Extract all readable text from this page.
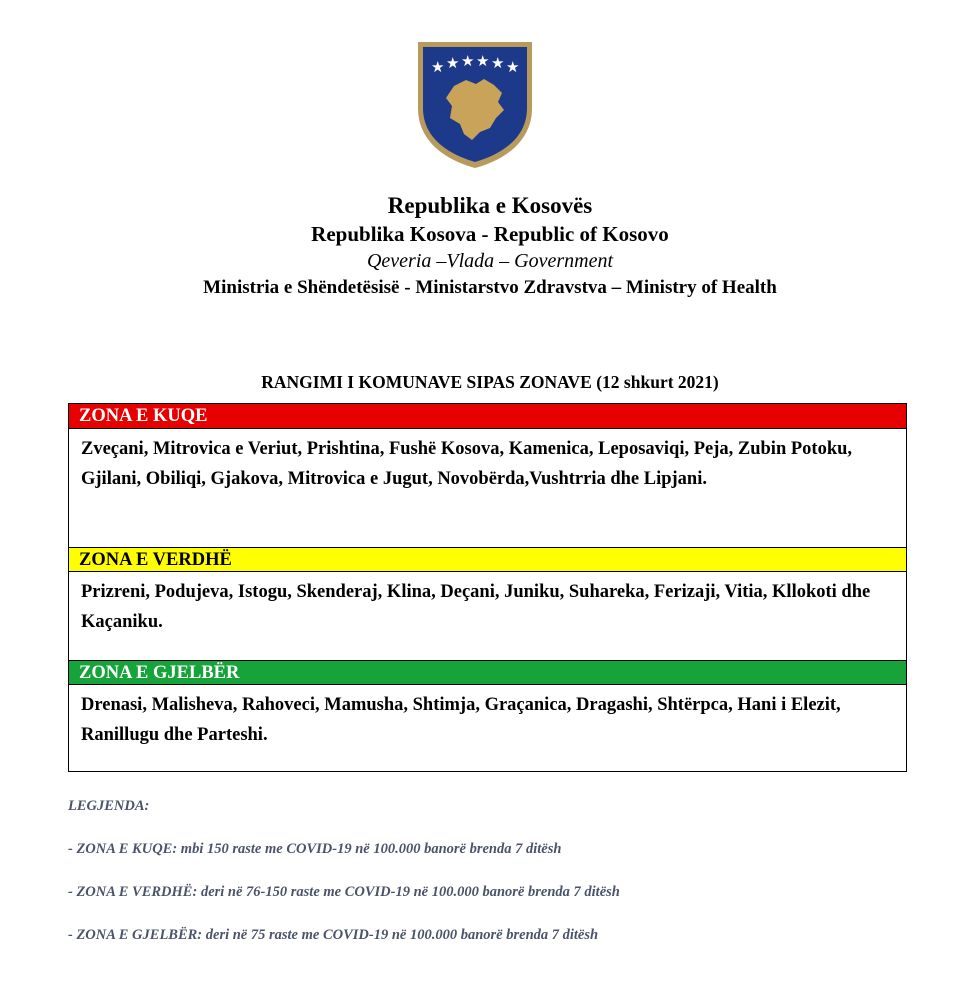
★ ★ ★ ★ ★ ★
Republika e Kosovës
Republika Kosova - Republic of Kosovo
Qeveria –Vlada – Government
Ministria e Shëndetësisë - Ministarstvo Zdravstva – Ministry of Health
RANGIMI I KOMUNAVE SIPAS ZONAVE (12 shkurt 2021)
ZONA E KUQE
Zveçani, Mitrovica e Veriut, Prishtina, Fushë Kosova, Kamenica, Leposaviqi, Peja, Zubin Potoku, Gjilani, Obiliqi, Gjakova, Mitrovica e Jugut, Novobërda,Vushtrria dhe Lipjani.
ZONA E VERDHË
Prizreni, Podujeva, Istogu, Skenderaj, Klina, Deçani, Juniku, Suhareka, Ferizaji, Vitia, Kllokoti dhe Kaçaniku.
ZONA E GJELBËR
Drenasi, Malisheva, Rahoveci, Mamusha, Shtimja, Graçanica, Dragashi, Shtërpca, Hani i Elezit, Ranillugu dhe Parteshi.
LEGJENDA:
- ZONA E KUQE: mbi 150 raste me COVID-19 në 100.000 banorë brenda 7 ditësh
- ZONA E VERDHË: deri në 76-150 raste me COVID-19 në 100.000 banorë brenda 7 ditësh
- ZONA E GJELBËR: deri në 75 raste me COVID-19 në 100.000 banorë brenda 7 ditësh
